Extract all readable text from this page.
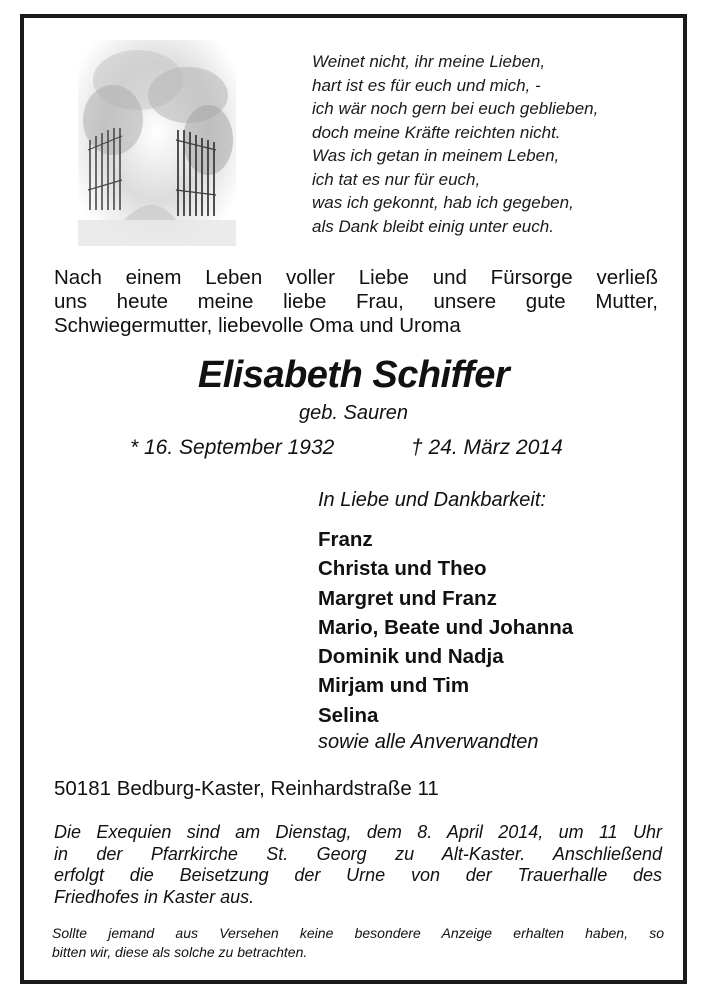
Weinet nicht, ihr meine Lieben,
hart ist es für euch und mich, -
ich wär noch gern bei euch geblieben,
doch meine Kräfte reichten nicht.
Was ich getan in meinem Leben,
ich tat es nur für euch,
was ich gekonnt, hab ich gegeben,
als Dank bleibt einig unter euch.
Nach einem Leben voller Liebe und Fürsorge verließ
uns heute meine liebe Frau, unsere gute Mutter,
Schwiegermutter, liebevolle Oma und Uroma
Elisabeth Schiffer
geb. Sauren
* 16. September 1932	† 24. März 2014
In Liebe und Dankbarkeit:
Franz
Christa und Theo
Margret und Franz
Mario, Beate und Johanna
Dominik und Nadja
Mirjam und Tim
Selina
sowie alle Anverwandten
50181 Bedburg-Kaster, Reinhardstraße 11
Die Exequien sind am Dienstag, dem 8. April 2014, um 11 Uhr
in der Pfarrkirche St. Georg zu Alt-Kaster. Anschließend
erfolgt die Beisetzung der Urne von der Trauerhalle des
Friedhofes in Kaster aus.
Sollte jemand aus Versehen keine besondere Anzeige erhalten haben, so
bitten wir, diese als solche zu betrachten.
